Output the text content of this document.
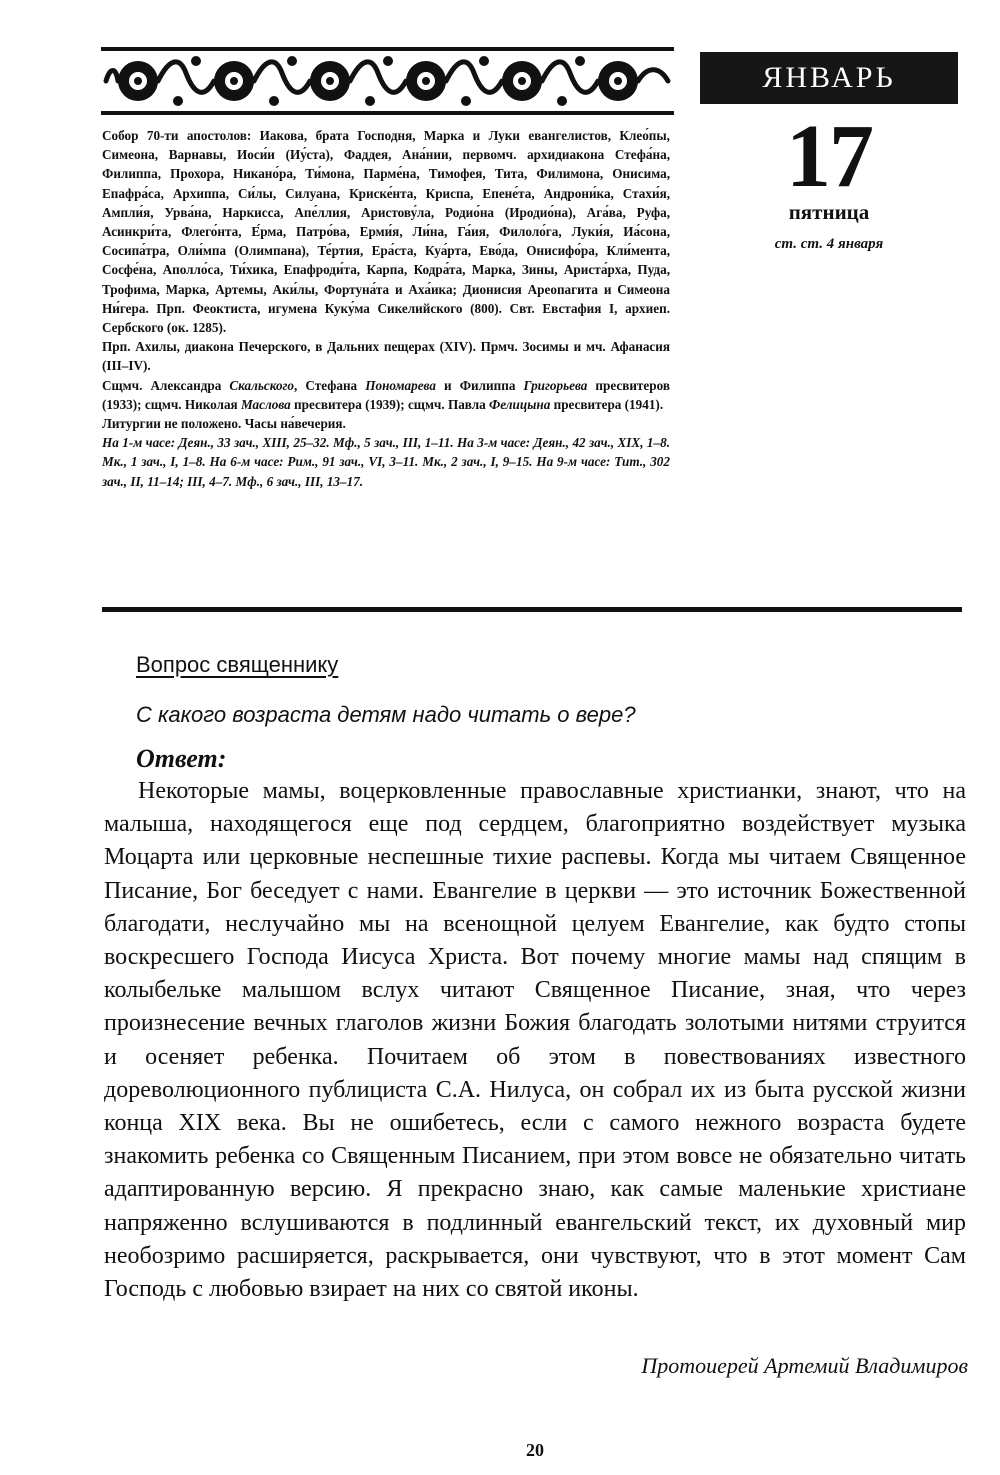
ЯНВАРЬ
17
пятница
ст. ст. 4 января

Собор 70-ти апостолов: Иакова, брата Господня, Марка и Луки евангелистов, Клео́пы, Симеона, Варнавы, Иоси́и (Иу́ста), Фаддея, Ана́нии, первомч. архидиакона Стефа́на, Филиппа, Прохора, Никано́ра, Ти́мона, Парме́на, Тимофея, Тита, Филимона, Онисима, Епафра́са, Архиппа, Си́лы, Силуана, Криске́нта, Криспа, Епене́та, Андрони́ка, Стахи́я, Ампли́я, Урва́на, Наркисса, Апе́ллия, Аристову́ла, Родио́на (Иродио́на), Ага́ва, Руфа, Асинкри́та, Флего́нта, Е́рма, Патро́ва, Ерми́я, Ли́на, Га́ия, Филоло́га, Луки́я, Иа́сона, Сосипа́тра, Оли́мпа (Олимпана), Те́ртия, Ера́ста, Куа́рта, Ево́да, Онисифо́ра, Кли́мента, Сосфе́на, Аполло́са, Ти́хика, Епафроди́та, Карпа, Кодра́та, Марка, Зины, Ариста́рха, Пуда, Трофима, Марка, Артемы, Аки́лы, Фортуна́та и Аха́ика; Дионисия Ареопагита и Симеона Ни́гера. Прп. Феоктиста, игумена Куку́ма Сикелийского (800). Свт. Евстафия I, архиеп. Сербского (ок. 1285).

Прп. Ахилы, диакона Печерского, в Дальних пещерах (XIV). Прмч. Зосимы и мч. Афанасия (III–IV).

Сщмч. Александра Скальского, Стефана Пономарева и Филиппа Григорьева пресвитеров (1933); сщмч. Николая Маслова пресвитера (1939); сщмч. Павла Фелицына пресвитера (1941).

Литургии не положено. Часы на́вечерия.

На 1-м часе: Деян., 33 зач., XIII, 25–32. Мф., 5 зач., III, 1–11. На 3-м часе: Деян., 42 зач., XIX, 1–8. Мк., 1 зач., I, 1–8. На 6-м часе: Рим., 91 зач., VI, 3–11. Мк., 2 зач., I, 9–15. На 9-м часе: Тит., 302 зач., II, 11–14; III, 4–7. Мф., 6 зач., III, 13–17.

Вопрос священнику
С какого возраста детям надо читать о вере?
Ответ:

Некоторые мамы, воцерковленные православные христианки, знают, что на малыша, находящегося еще под сердцем, благоприятно воздействует музыка Моцарта или церковные неспешные тихие распевы. Когда мы читаем Священное Писание, Бог беседует с нами. Евангелие в церкви — это источник Божественной благодати, неслучайно мы на всенощной целуем Евангелие, как будто стопы воскресшего Господа Иисуса Христа. Вот почему многие мамы над спящим в колыбельке малышом вслух читают Священное Писание, зная, что через произнесение вечных глаголов жизни Божия благодать золотыми нитями струится и осеняет ребенка. Почитаем об этом в повествованиях известного дореволюционного публициста С.А. Нилуса, он собрал их из быта русской жизни конца XIX века. Вы не ошибетесь, если с самого нежного возраста будете знакомить ребенка со Священным Писанием, при этом вовсе не обязательно читать адаптированную версию. Я прекрасно знаю, как самые маленькие христиане напряженно вслушиваются в подлинный евангельский текст, их духовный мир необозримо расширяется, раскрывается, они чувствуют, что в этот момент Сам Господь с любовью взирает на них со святой иконы.

Протоиерей Артемий Владимиров
20
